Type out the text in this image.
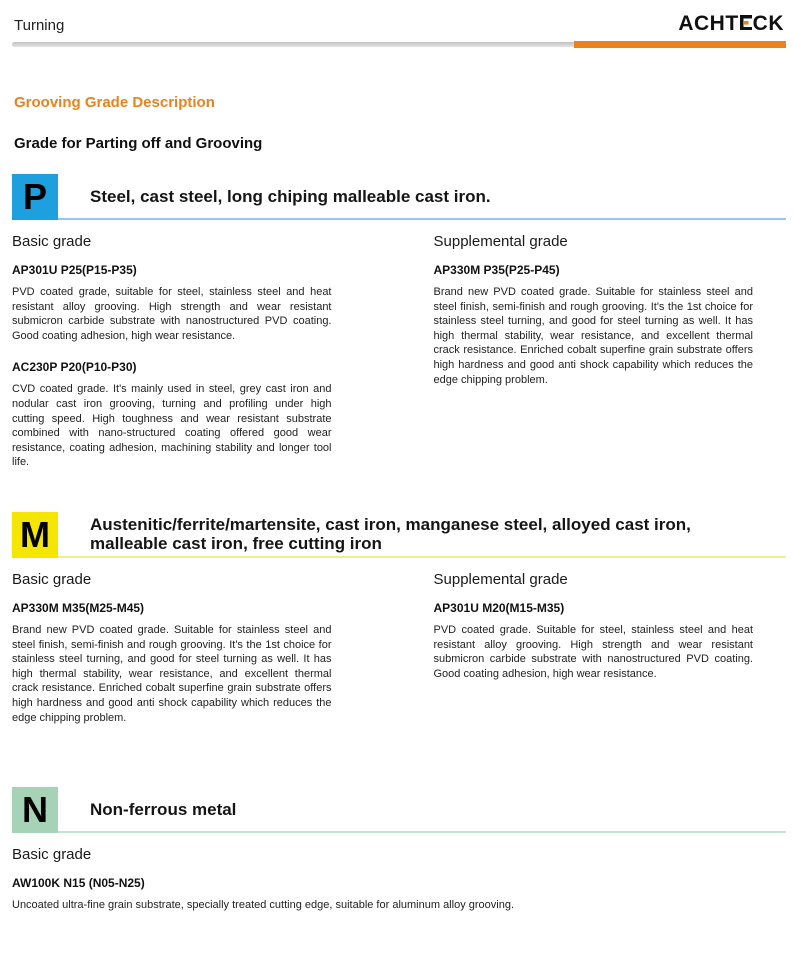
Turning	ACHT CK
Grooving Grade Description
Grade for Parting off and Grooving
P	Steel, cast steel, long chiping malleable cast iron.
Basic grade
AP301U P25(P15-P35)

PVD coated grade, suitable for steel, stainless steel and heat resistant alloy grooving. High strength and wear resistant submicron carbide substrate with nanostructured PVD coating. Good coating adhesion, high wear resistance.

AC230P P20(P10-P30)

CVD coated grade. It's mainly used in steel, grey cast iron and nodular cast iron grooving, turning and profiling under high cutting speed. High toughness and wear resistant substrate combined with nano-structured coating offered good wear resistance, coating adhesion, machining stability and longer tool life.

Supplemental grade
AP330M P35(P25-P45)

Brand new PVD coated grade. Suitable for stainless steel and steel finish, semi-finish and rough grooving. It's the 1st choice for stainless steel turning, and good for steel turning as well. It has high thermal stability, wear resistance, and excellent thermal crack resistance. Enriched cobalt superfine grain substrate offers high hardness and good anti shock capability which reduces the edge chipping problem.

M	Austenitic/ferrite/martensite, cast iron, manganese steel, alloyed cast iron, malleable cast iron, free cutting iron
Basic grade
AP330M M35(M25-M45)

Brand new PVD coated grade. Suitable for stainless steel and steel finish, semi-finish and rough grooving. It's the 1st choice for stainless steel turning, and good for steel turning as well. It has high thermal stability, wear resistance, and excellent thermal crack resistance. Enriched cobalt superfine grain substrate offers high hardness and good anti shock capability which reduces the edge chipping problem.

Supplemental grade
AP301U M20(M15-M35)

PVD coated grade. Suitable for steel, stainless steel and heat resistant alloy grooving. High strength and wear resistant submicron carbide substrate with nanostructured PVD coating. Good coating adhesion, high wear resistance.

N	Non-ferrous metal
Basic grade
AW100K N15 (N05-N25)

Uncoated ultra-fine grain substrate, specially treated cutting edge, suitable for aluminum alloy grooving.
